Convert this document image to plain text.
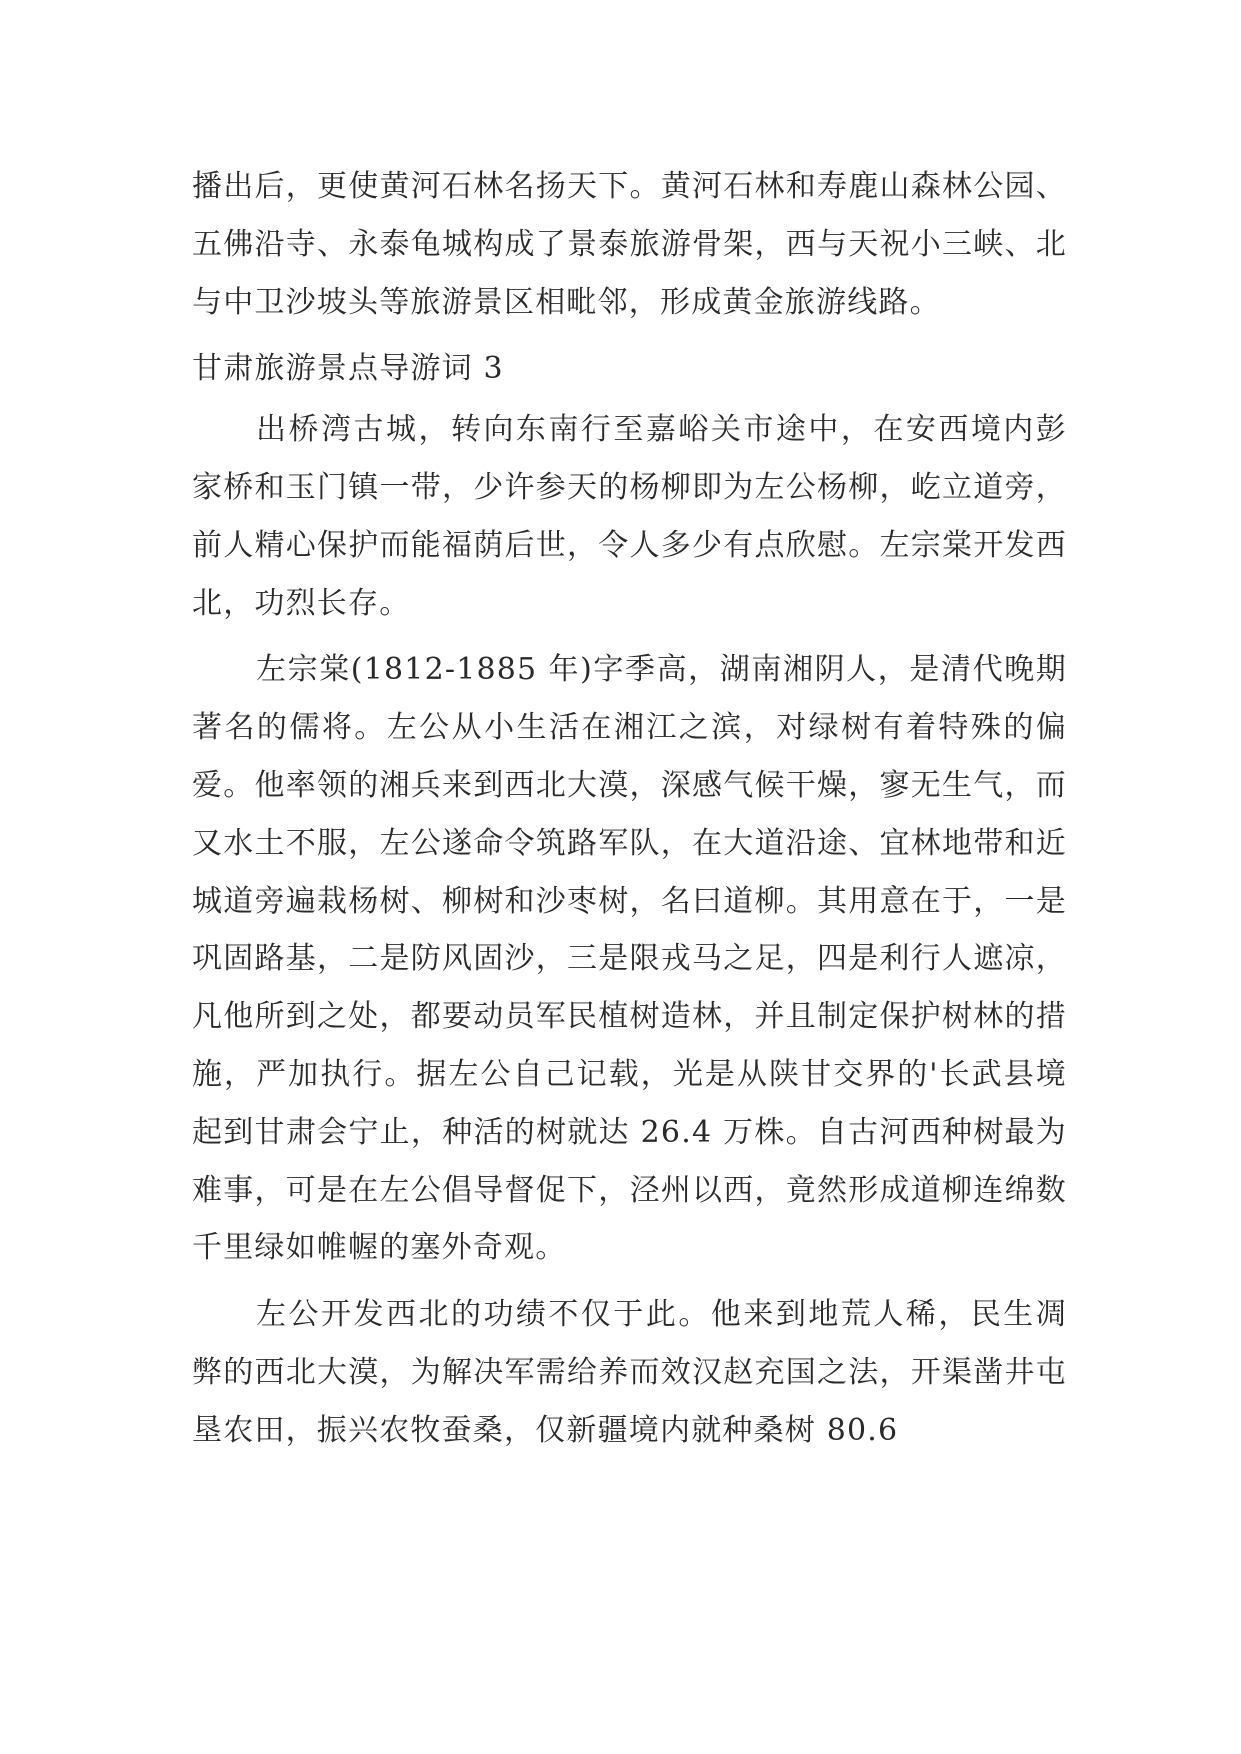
播出后，更使黄河石林名扬天下。黄河石林和寿鹿山森林公园、五佛沿寺、永泰龟城构成了景泰旅游骨架，西与天祝小三峡、北与中卫沙坡头等旅游景区相毗邻，形成黄金旅游线路。

甘肃旅游景点导游词 3

出桥湾古城，转向东南行至嘉峪关市途中，在安西境内彭家桥和玉门镇一带，少许参天的杨柳即为左公杨柳，屹立道旁，前人精心保护而能福荫后世，令人多少有点欣慰。左宗棠开发西北，功烈长存。

左宗棠(1812-1885 年)字季高，湖南湘阴人，是清代晚期著名的儒将。左公从小生活在湘江之滨，对绿树有着特殊的偏爱。他率领的湘兵来到西北大漠，深感气候干燥，寥无生气，而又水土不服，左公遂命令筑路军队，在大道沿途、宜林地带和近城道旁遍栽杨树、柳树和沙枣树，名曰道柳。其用意在于，一是巩固路基，二是防风固沙，三是限戎马之足，四是利行人遮凉，凡他所到之处，都要动员军民植树造林，并且制定保护树林的措施，严加执行。据左公自己记载，光是从陕甘交界的'长武县境起到甘肃会宁止，种活的树就达 26.4 万株。自古河西种树最为难事，可是在左公倡导督促下，泾州以西，竟然形成道柳连绵数千里绿如帷幄的塞外奇观。

左公开发西北的功绩不仅于此。他来到地荒人稀，民生凋弊的西北大漠，为解决军需给养而效汉赵充国之法，开渠凿井屯垦农田，振兴农牧蚕桑，仅新疆境内就种桑树 80.6
